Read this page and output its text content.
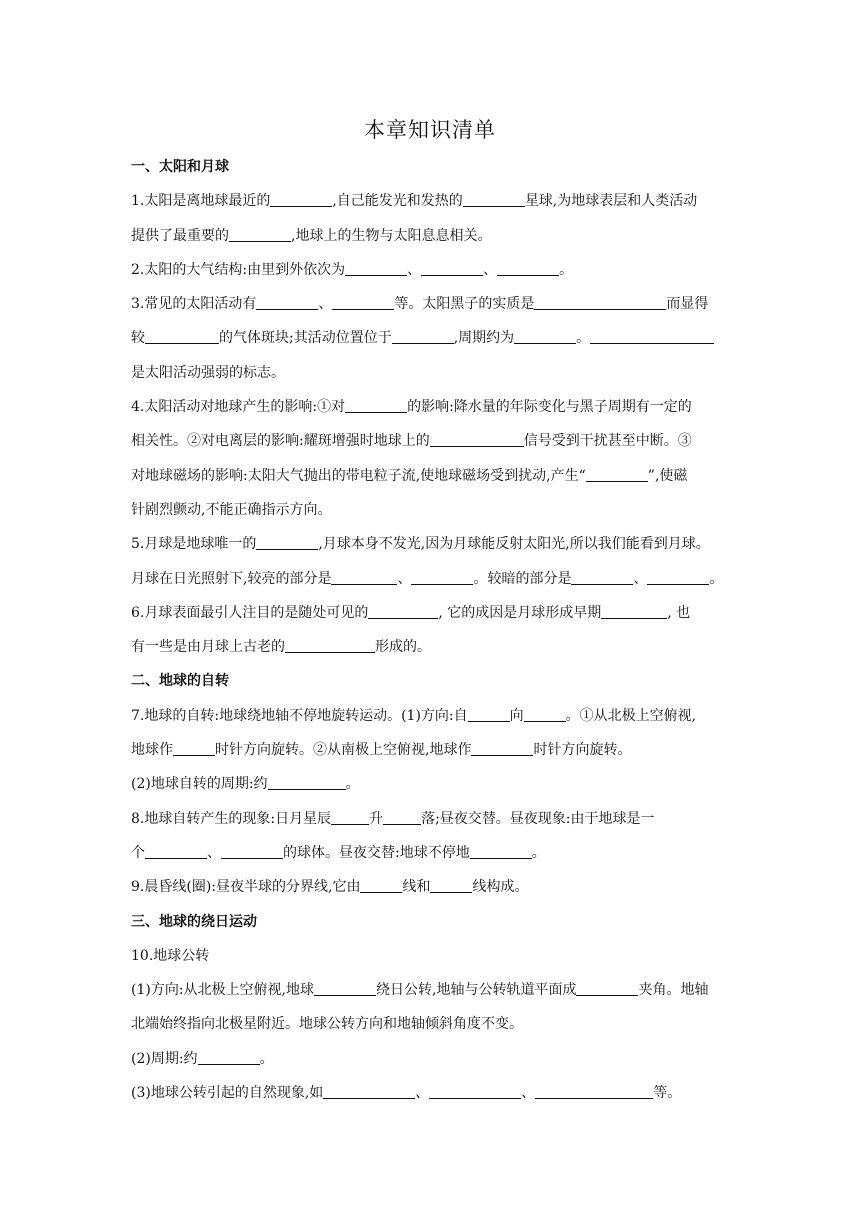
本章知识清单
一、太阳和月球
1.太阳是离地球最近的	,自己能发光和发热的	星球,为地球表层和人类活动
提供了最重要的	,地球上的生物与太阳息息相关。
2.太阳的大气结构:由里到外依次为	、	、	。
3.常见的太阳活动有	、	等。太阳黑子的实质是	而显得
较	的气体斑块;其活动位置位于	,周期约为	。
是太阳活动强弱的标志。
4.太阳活动对地球产生的影响:①对	的影响:降水量的年际变化与黑子周期有一定的
相关性。②对电离层的影响:耀斑增强时地球上的	信号受到干扰甚至中断。③
对地球磁场的影响:太阳大气抛出的带电粒子流,使地球磁场受到扰动,产生“	”,使磁
针剧烈颤动,不能正确指示方向。
5.月球是地球唯一的	,月球本身不发光,因为月球能反射太阳光,所以我们能看到月球。
月球在日光照射下,较亮的部分是	、	。较暗的部分是	、	。
6.月球表面最引人注目的是随处可见的	, 它的成因是月球形成早期	, 也
有一些是由月球上古老的	形成的。
二、地球的自转
7.地球的自转:地球绕地轴不停地旋转运动。(1)方向:自	向	。①从北极上空俯视,
地球作	时针方向旋转。②从南极上空俯视,地球作	时针方向旋转。
(2)地球自转的周期:约	。
8.地球自转产生的现象:日月星辰	升	落;昼夜交替。昼夜现象:由于地球是一
个	、	的球体。昼夜交替:地球不停地	。
9.晨昏线(圈):昼夜半球的分界线,它由	线和	线构成。
三、地球的绕日运动
10.地球公转
(1)方向:从北极上空俯视,地球	绕日公转,地轴与公转轨道平面成	夹角。地轴
北端始终指向北极星附近。地球公转方向和地轴倾斜角度不变。
(2)周期:约	。
(3)地球公转引起的自然现象,如	、	、	等。
